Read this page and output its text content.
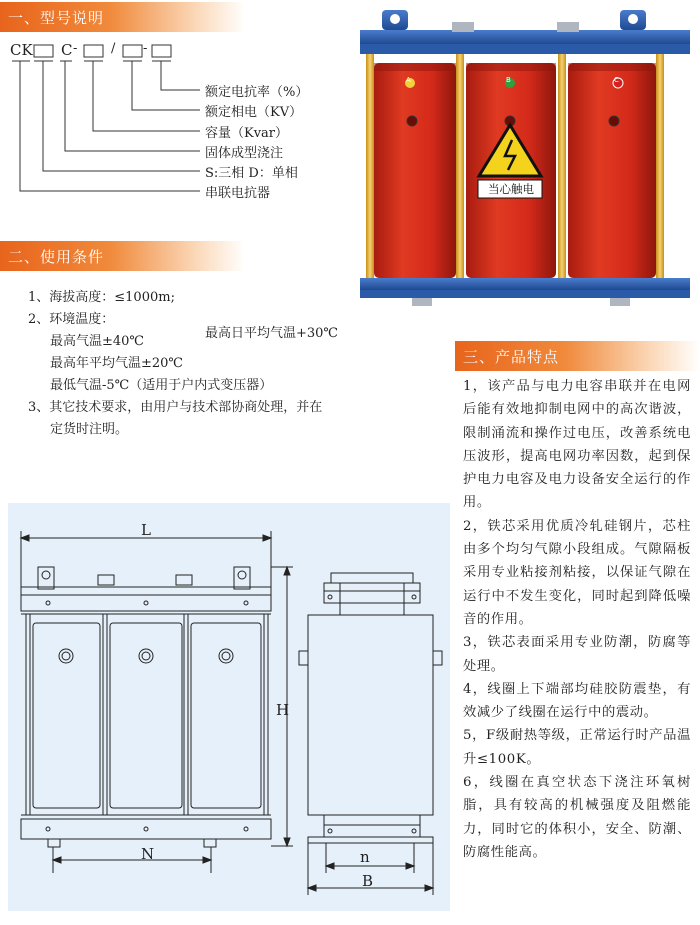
一、型号说明
CK C -	/ -
额定电抗率（%）
额定相电（KV）
容量（Kvar）
固体成型浇注
S:三相 D：单相
串联电抗器	当心触电
A	B	C
二、使用条件
1、海拔高度：≤1000m;
2、环境温度：
最高气温±40℃
最高日平均气温+30℃
最高年平均气温±20℃
最低气温-5℃（适用于户内式变压器）
3、其它技术要求，由用户与技术部协商处理，并在
定货时注明。
三、产品特点

1，该产品与电力电容串联并在电网后能有效地抑制电网中的高次谐波，限制涌流和操作过电压，改善系统电压波形，提高电网功率因数，起到保护电力电容及电力设备安全运行的作用。

2，铁芯采用优质冷轧硅钢片，芯柱由多个均匀气隙小段组成。气隙隔板采用专业粘接剂粘接，以保证气隙在运行中不发生变化，同时起到降低噪音的作用。

3，铁芯表面采用专业防潮，防腐等处理。

4，线圈上下端部均硅胶防震垫，有效减少了线圈在运行中的震动。

5，F级耐热等级，正常运行时产品温升≤100K。

6，线圈在真空状态下浇注环氧树脂，具有较高的机械强度及阻燃能力，同时它的体积小，安全、防潮、防腐性能高。

L
H
N	n
B
